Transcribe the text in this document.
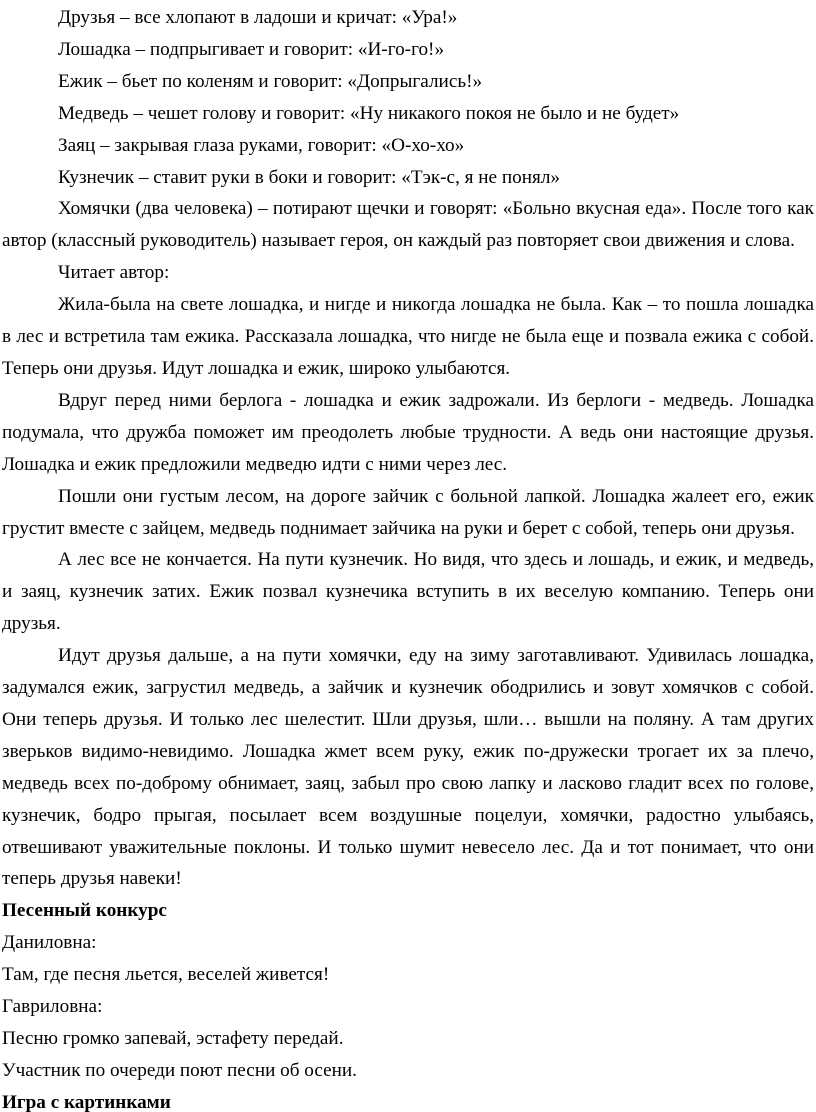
Друзья – все хлопают в ладоши и кричат: «Ура!»

Лошадка – подпрыгивает и говорит: «И-го-го!»

Ежик – бьет по коленям и говорит: «Допрыгались!»

Медведь – чешет голову и говорит: «Ну никакого покоя не было и не будет»

Заяц – закрывая глаза руками, говорит: «О-хо-хо»

Кузнечик – ставит руки в боки и говорит: «Тэк-с, я не понял»

Хомячки (два человека) – потирают щечки и говорят: «Больно вкусная еда». После того как автор (классный руководитель) называет героя, он каждый раз повторяет свои движения и слова.

Читает автор:

Жила-была на свете лошадка, и нигде и никогда лошадка не была. Как – то пошла лошадка в лес и встретила там ежика. Рассказала лошадка, что нигде не была еще и позвала ежика с собой. Теперь они друзья. Идут лошадка и ежик, широко улыбаются.

Вдруг перед ними берлога - лошадка и ежик задрожали. Из берлоги - медведь. Лошадка подумала, что дружба поможет им преодолеть любые трудности. А ведь они настоящие друзья. Лошадка и ежик предложили медведю идти с ними через лес.

Пошли они густым лесом, на дороге зайчик с больной лапкой. Лошадка жалеет его, ежик грустит вместе с зайцем, медведь поднимает зайчика на руки и берет с собой, теперь они друзья.

А лес все не кончается. На пути кузнечик. Но видя, что здесь и лошадь, и ежик, и медведь, и заяц, кузнечик затих. Ежик позвал кузнечика вступить в их веселую компанию. Теперь они друзья.

Идут друзья дальше, а на пути хомячки, еду на зиму заготавливают. Удивилась лошадка, задумался ежик, загрустил медведь, а зайчик и кузнечик ободрились и зовут хомячков с собой. Они теперь друзья. И только лес шелестит. Шли друзья, шли… вышли на поляну. А там других зверьков видимо-невидимо. Лошадка жмет всем руку, ежик по-дружески трогает их за плечо, медведь всех по-доброму обнимает, заяц, забыл про свою лапку и ласково гладит всех по голове, кузнечик, бодро прыгая, посылает всем воздушные поцелуи, хомячки, радостно улыбаясь, отвешивают уважительные поклоны. И только шумит невесело лес. Да и тот понимает, что они теперь друзья навеки!

Песенный конкурс

Даниловна:

Там, где песня льется, веселей живется!

Гавриловна:

Песню громко запевай, эстафету передай.

Участник по очереди поют песни об осени.

Игра с картинками
